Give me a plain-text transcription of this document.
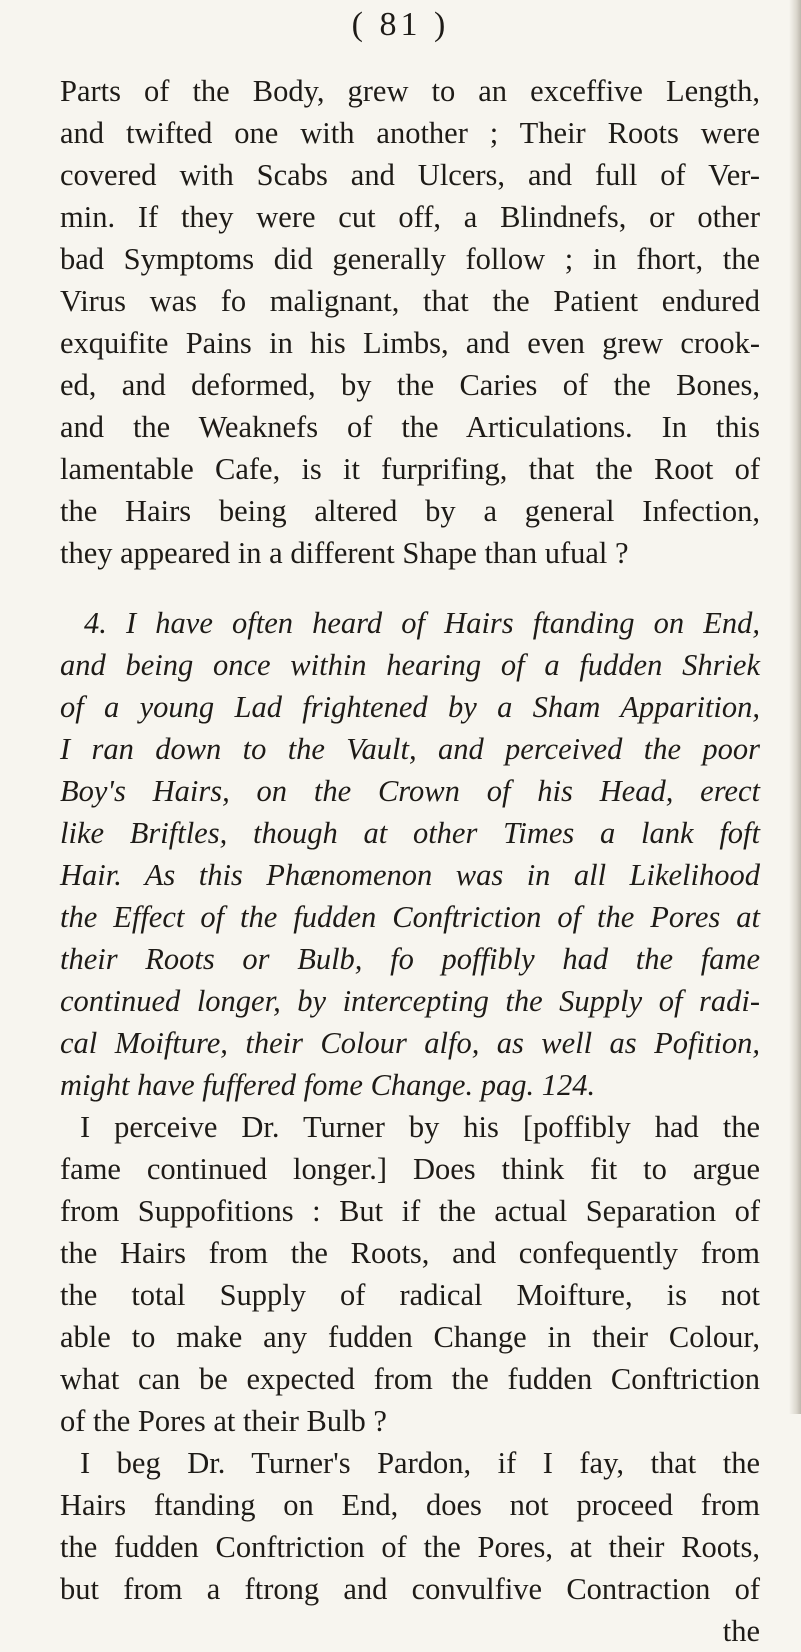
( 81 )
Parts of the Body, grew to an exceffive Length,
and twifted one with another ; Their Roots were
covered with Scabs and Ulcers, and full of Ver-
min. If they were cut off, a Blindnefs, or other
bad Symptoms did generally follow ; in fhort, the
Virus was fo malignant, that the Patient endured
exquifite Pains in his Limbs, and even grew crook-
ed, and deformed, by the Caries of the Bones,
and the Weaknefs of the Articulations. In this
lamentable Cafe, is it furprifing, that the Root of
the Hairs being altered by a general Infection,
they appeared in a different Shape than ufual ?
4. I have often heard of Hairs ftanding on End,
and being once within hearing of a fudden Shriek
of a young Lad frightened by a Sham Apparition,
I ran down to the Vault, and perceived the poor
Boy's Hairs, on the Crown of his Head, erect
like Briftles, though at other Times a lank foft
Hair. As this Phænomenon was in all Likelihood
the Effect of the fudden Conftriction of the Pores at
their Roots or Bulb, fo poffibly had the fame
continued longer, by intercepting the Supply of radi-
cal Moifture, their Colour alfo, as well as Pofition,
might have fuffered fome Change. pag. 124.
I perceive Dr. Turner by his [poffibly had the
fame continued longer.] Does think fit to argue
from Suppofitions : But if the actual Separation of
the Hairs from the Roots, and confequently from
the total Supply of radical Moifture, is not
able to make any fudden Change in their Colour,
what can be expected from the fudden Conftriction
of the Pores at their Bulb ?
I beg Dr. Turner's Pardon, if I fay, that the
Hairs ftanding on End, does not proceed from
the fudden Conftriction of the Pores, at their Roots,
but from a ftrong and convulfive Contraction of
the
